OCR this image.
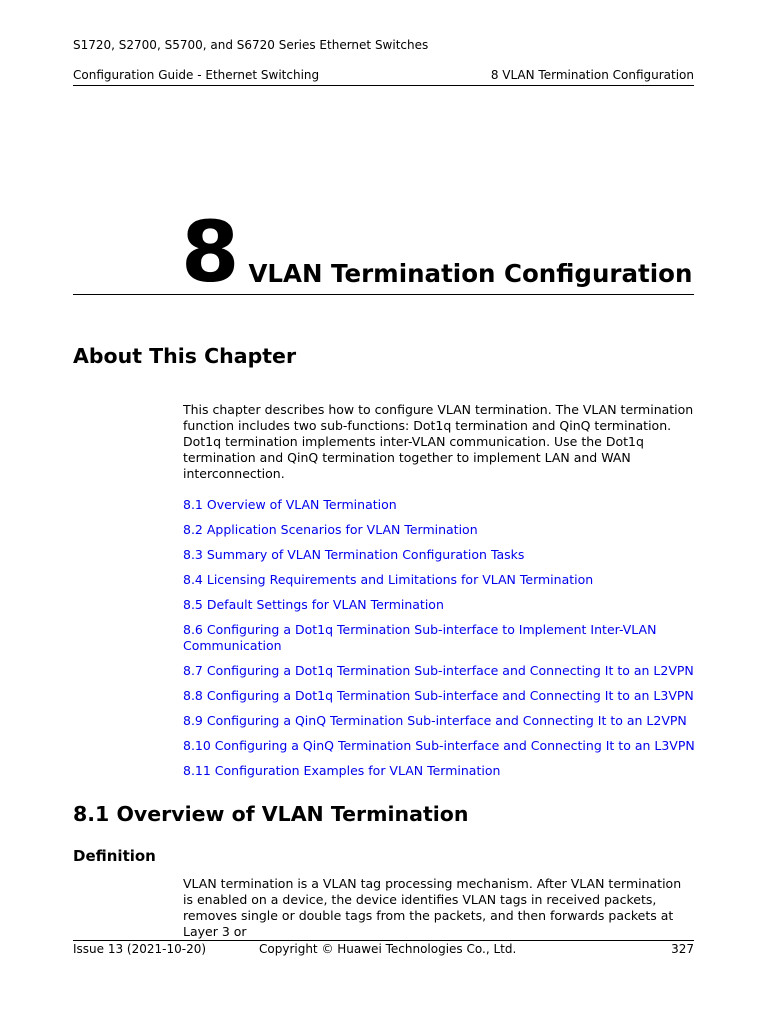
S1720, S2700, S5700, and S6720 Series Ethernet Switches
Configuration Guide - Ethernet Switching	8 VLAN Termination Configuration
8 VLAN Termination Configuration
About This Chapter

This chapter describes how to configure VLAN termination. The VLAN termination function includes two sub-functions: Dot1q termination and QinQ termination. Dot1q termination implements inter-VLAN communication. Use the Dot1q termination and QinQ termination together to implement LAN and WAN interconnection.

8.1 Overview of VLAN Termination
8.2 Application Scenarios for VLAN Termination
8.3 Summary of VLAN Termination Configuration Tasks
8.4 Licensing Requirements and Limitations for VLAN Termination
8.5 Default Settings for VLAN Termination
8.6 Configuring a Dot1q Termination Sub-interface to Implement Inter-VLAN Communication
8.7 Configuring a Dot1q Termination Sub-interface and Connecting It to an L2VPN
8.8 Configuring a Dot1q Termination Sub-interface and Connecting It to an L3VPN
8.9 Configuring a QinQ Termination Sub-interface and Connecting It to an L2VPN
8.10 Configuring a QinQ Termination Sub-interface and Connecting It to an L3VPN
8.11 Configuration Examples for VLAN Termination
8.1 Overview of VLAN Termination
Definition

VLAN termination is a VLAN tag processing mechanism. After VLAN termination is enabled on a device, the device identifies VLAN tags in received packets, removes single or double tags from the packets, and then forwards packets at Layer 3 or

Issue 13 (2021-10-20)	Copyright © Huawei Technologies Co., Ltd.	327
